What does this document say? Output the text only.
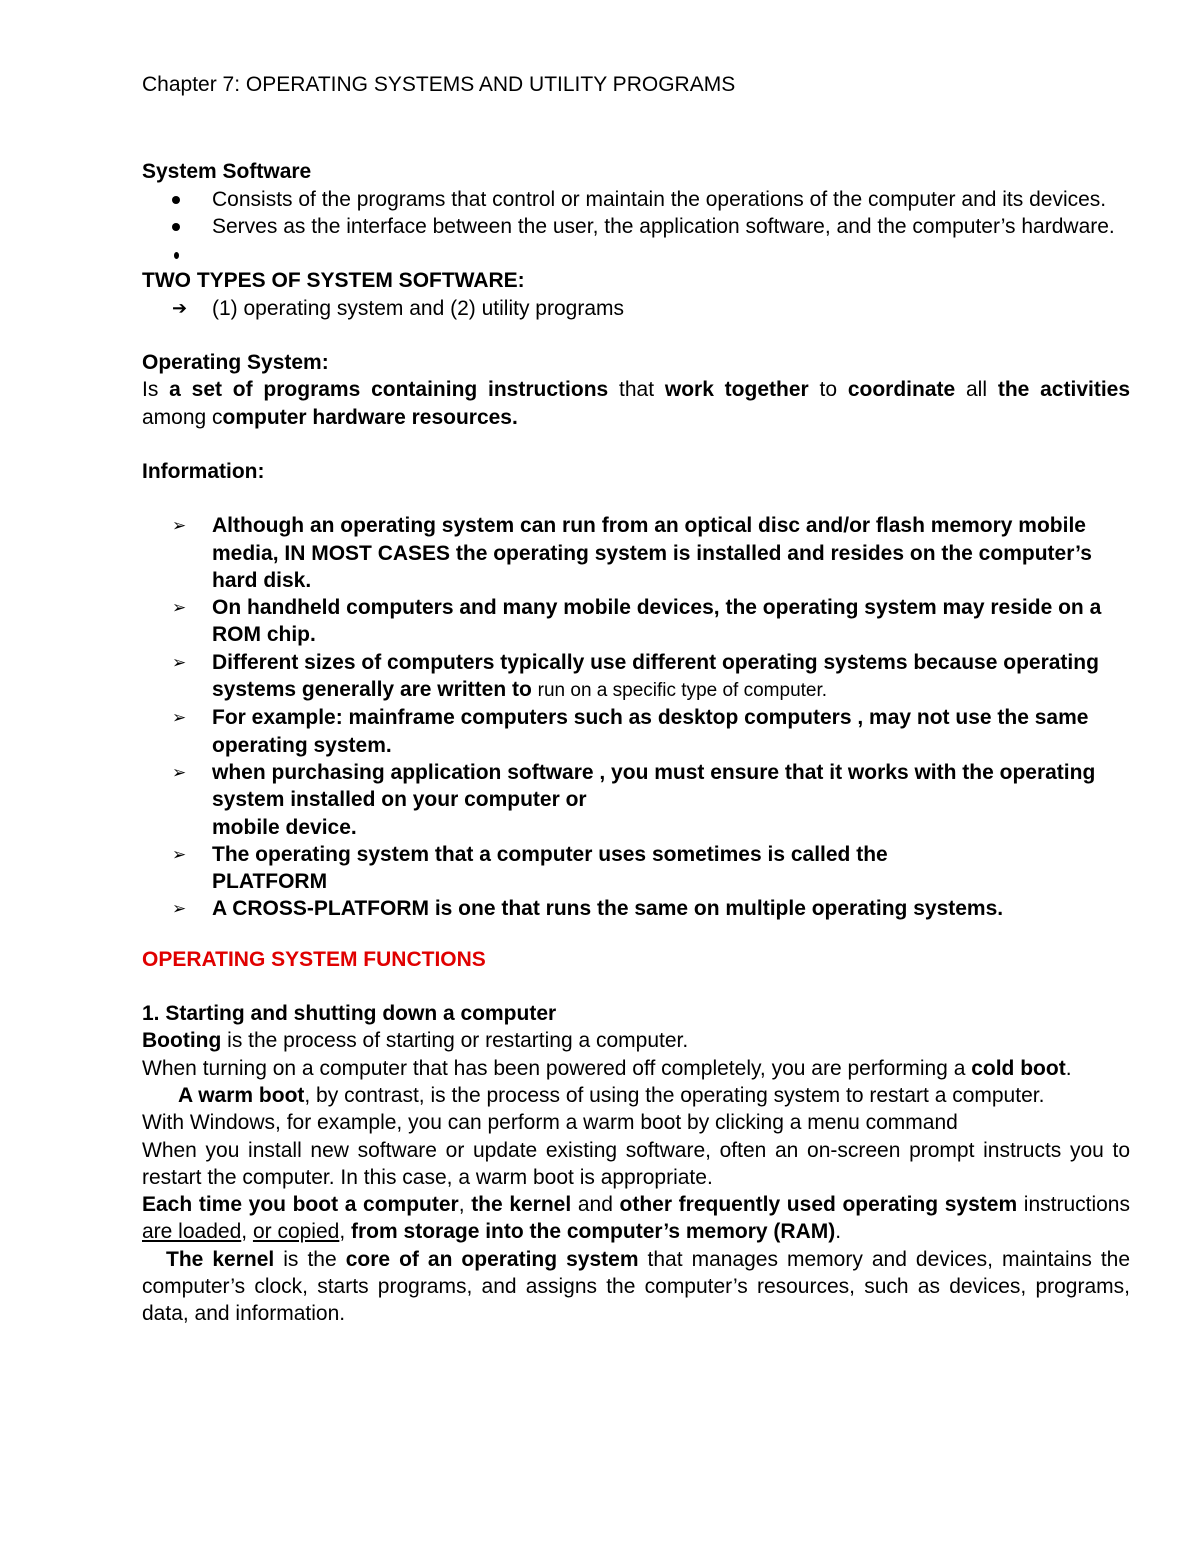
Chapter 7: OPERATING SYSTEMS AND UTILITY PROGRAMS

System Software

Consists of the programs that control or maintain the operations of the computer and its devices.
Serves as the interface between the user, the application software, and the computer’s hardware.

TWO TYPES OF SYSTEM SOFTWARE:

➔	(1) operating system and (2) utility programs

Operating System:

Is a set of programs containing instructions that work together to coordinate all the activities among computer hardware resources.

Information:

➢	Although an operating system can run from an optical disc and/or flash memory mobile media, IN MOST CASES the operating system is installed and resides on the computer’s hard disk.
➢	On handheld computers and many mobile devices, the operating system may reside on a ROM chip.
➢	Different sizes of computers typically use different operating systems because operating systems generally are written to run on a specific type of computer.
➢	For example: mainframe computers such as desktop computers , may not use the same operating system.
➢	when purchasing application software , you must ensure that it works with the operating system installed on your computer or
mobile device.
➢	The operating system that a computer uses sometimes is called the PLATFORM
➢	A CROSS-PLATFORM is one that runs the same on multiple operating systems.

OPERATING SYSTEM FUNCTIONS

1. Starting and shutting down a computer

Booting is the process of starting or restarting a computer.

When turning on a computer that has been powered off completely, you are performing a cold boot.

A warm boot, by contrast, is the process of using the operating system to restart a computer.

With Windows, for example, you can perform a warm boot by clicking a menu command

When you install new software or update existing software, often an on-screen prompt instructs you to restart the computer. In this case, a warm boot is appropriate.

Each time you boot a computer, the kernel and other frequently used operating system instructions are loaded, or copied, from storage into the computer’s memory (RAM).

The kernel is the core of an operating system that manages memory and devices, maintains the computer’s clock, starts programs, and assigns the computer’s resources, such as devices, programs, data, and information.
